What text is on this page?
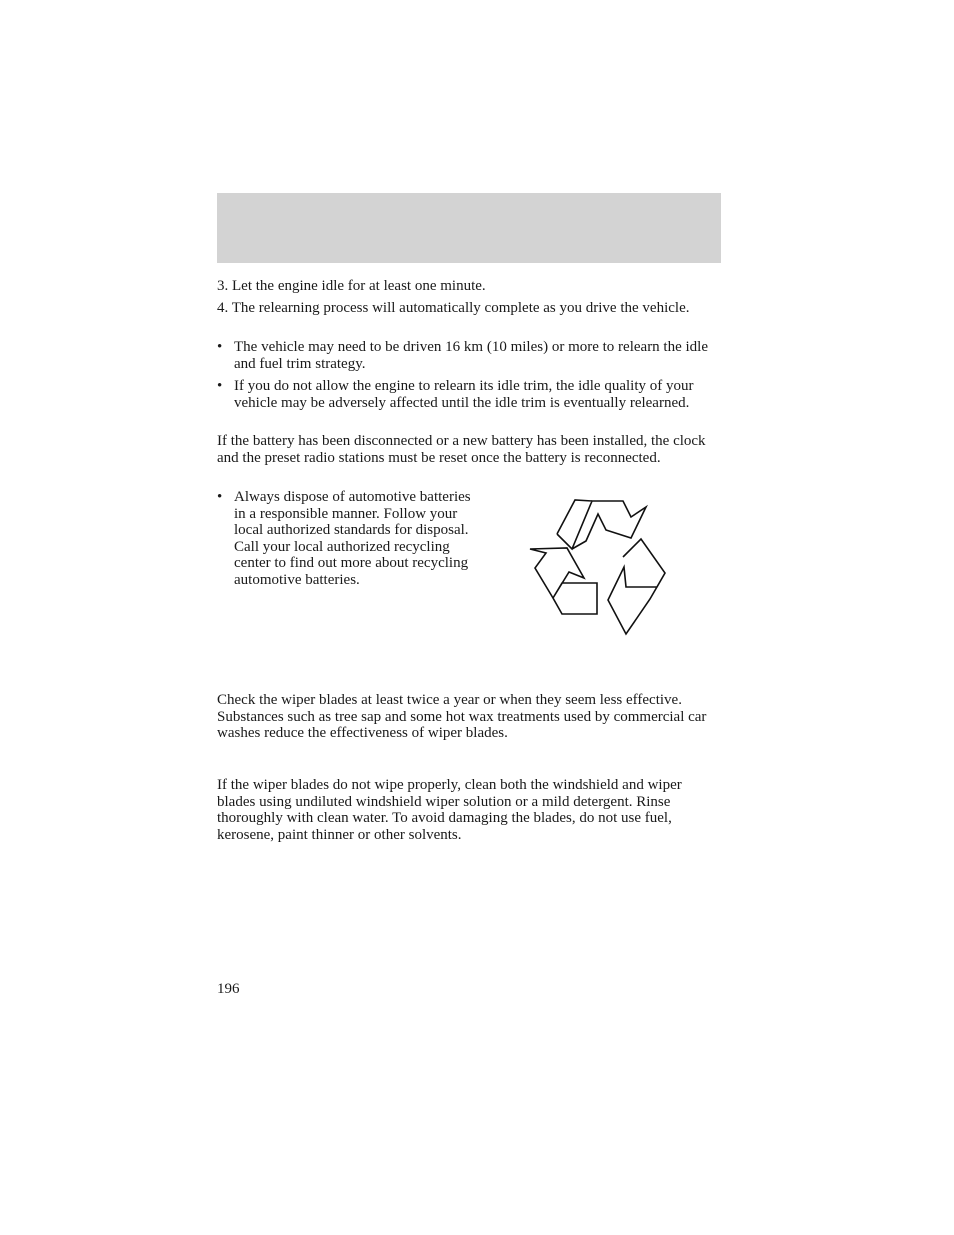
3. Let the engine idle for at least one minute.

4. The relearning process will automatically complete as you drive the vehicle.

• The vehicle may need to be driven 16 km (10 miles) or more to relearn the idle and fuel trim strategy.
• If you do not allow the engine to relearn its idle trim, the idle quality of your vehicle may be adversely affected until the idle trim is eventually relearned.

If the battery has been disconnected or a new battery has been installed, the clock and the preset radio stations must be reset once the battery is reconnected.

• Always dispose of automotive batteries in a responsible manner. Follow your local authorized standards for disposal. Call your local authorized recycling center to find out more about recycling automotive batteries.

Check the wiper blades at least twice a year or when they seem less effective. Substances such as tree sap and some hot wax treatments used by commercial car washes reduce the effectiveness of wiper blades.

If the wiper blades do not wipe properly, clean both the windshield and wiper blades using undiluted windshield wiper solution or a mild detergent. Rinse thoroughly with clean water. To avoid damaging the blades, do not use fuel, kerosene, paint thinner or other solvents.

196
